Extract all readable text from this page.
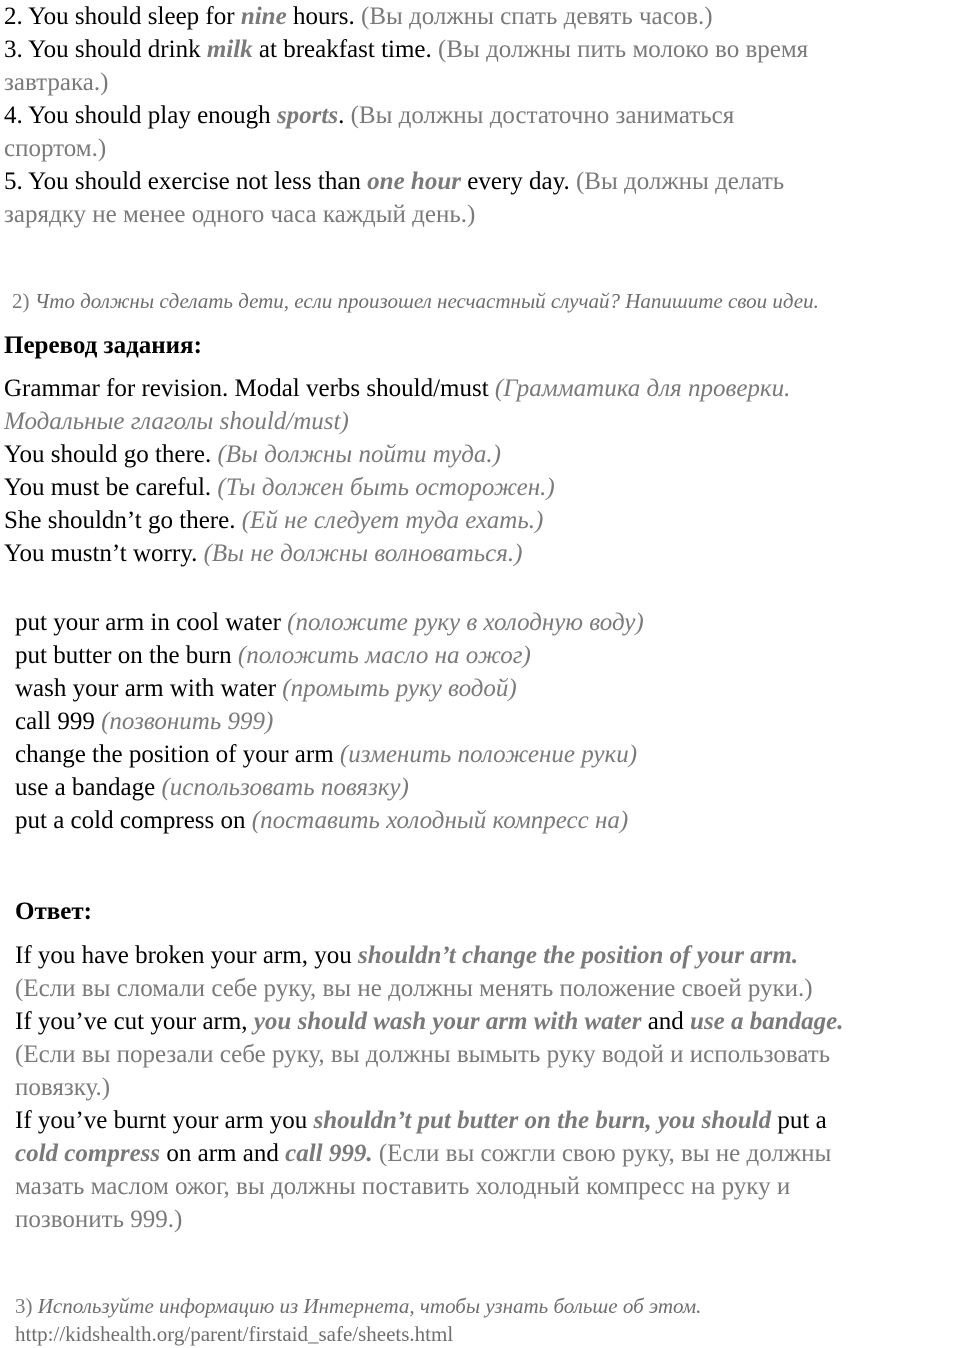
2. You should sleep for nine hours. (Вы должны спать девять часов.)
3. You should drink milk at breakfast time. (Вы должны пить молоко во время
завтрака.)
4. You should play enough sports. (Вы должны достаточно заниматься
спортом.)
5. You should exercise not less than one hour every day. (Вы должны делать
зарядку не менее одного часа каждый день.)
2) Что должны сделать дети, если произошел несчастный случай? Напишите свои идеи.
Перевод задания:
Grammar for revision. Modal verbs should/must (Грамматика для проверки.
Модальные глаголы should/must)
You should go there. (Вы должны пойти туда.)
You must be careful. (Ты должен быть осторожен.)
She shouldn’t go there. (Ей не следует туда ехать.)
You mustn’t worry. (Вы не должны волноваться.)
put your arm in cool water (положите руку в холодную воду)
put butter on the burn (положить масло на ожог)
wash your arm with water (промыть руку водой)
call 999 (позвонить 999)
change the position of your arm (изменить положение руки)
use a bandage (использовать повязку)
put a cold compress on (поставить холодный компресс на)
Ответ:
If you have broken your arm, you shouldn’t change the position of your arm.
(Если вы сломали себе руку, вы не должны менять положение своей руки.)
If you’ve cut your arm, you should wash your arm with water and use a bandage.
(Если вы порезали себе руку, вы должны вымыть руку водой и использовать
повязку.)
If you’ve burnt your arm you shouldn’t put butter on the burn, you should put a
cold compress on arm and call 999. (Если вы сожгли свою руку, вы не должны
мазать маслом ожог, вы должны поставить холодный компресс на руку и
позвонить 999.)
3) Используйте информацию из Интернета, чтобы узнать больше об этом.
http://kidshealth.org/parent/firstaid_safe/sheets.html
